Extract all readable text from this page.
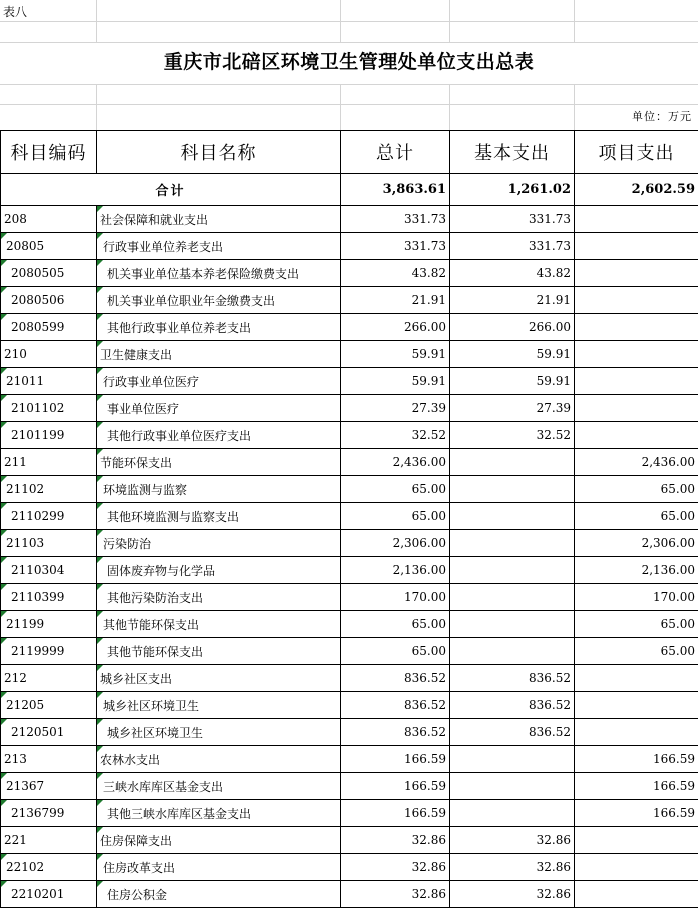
表八
重庆市北碚区环境卫生管理处单位支出总表
单位：万元
科目编码	科目名称	总计	基本支出	项目支出
合计		3,863.61	1,261.02	2,602.59
208	社会保障和就业支出	331.73	331.73	

20805	行政事业单位养老支出	331.73	331.73	

2080505	机关事业单位基本养老保险缴费支出	43.82	43.82	

2080506	机关事业单位职业年金缴费支出	21.91	21.91	

2080599	其他行政事业单位养老支出	266.00	266.00	
210	卫生健康支出	59.91	59.91	

21011	行政事业单位医疗	59.91	59.91	

2101102	事业单位医疗	27.39	27.39	

2101199	其他行政事业单位医疗支出	32.52	32.52	
211	节能环保支出	2,436.00		2,436.00

21102	环境监测与监察	65.00		65.00

2110299	其他环境监测与监察支出	65.00		65.00

21103	污染防治	2,306.00		2,306.00

2110304	固体废弃物与化学品	2,136.00		2,136.00

2110399	其他污染防治支出	170.00		170.00

21199	其他节能环保支出	65.00		65.00

2119999	其他节能环保支出	65.00		65.00
212	城乡社区支出	836.52	836.52	

21205	城乡社区环境卫生	836.52	836.52	

2120501	城乡社区环境卫生	836.52	836.52	
213	农林水支出	166.59		166.59

21367	三峡水库库区基金支出	166.59		166.59

2136799	其他三峡水库库区基金支出	166.59		166.59
221	住房保障支出	32.86	32.86	

22102	住房改革支出	32.86	32.86	

2210201	住房公积金	32.86	32.86	
